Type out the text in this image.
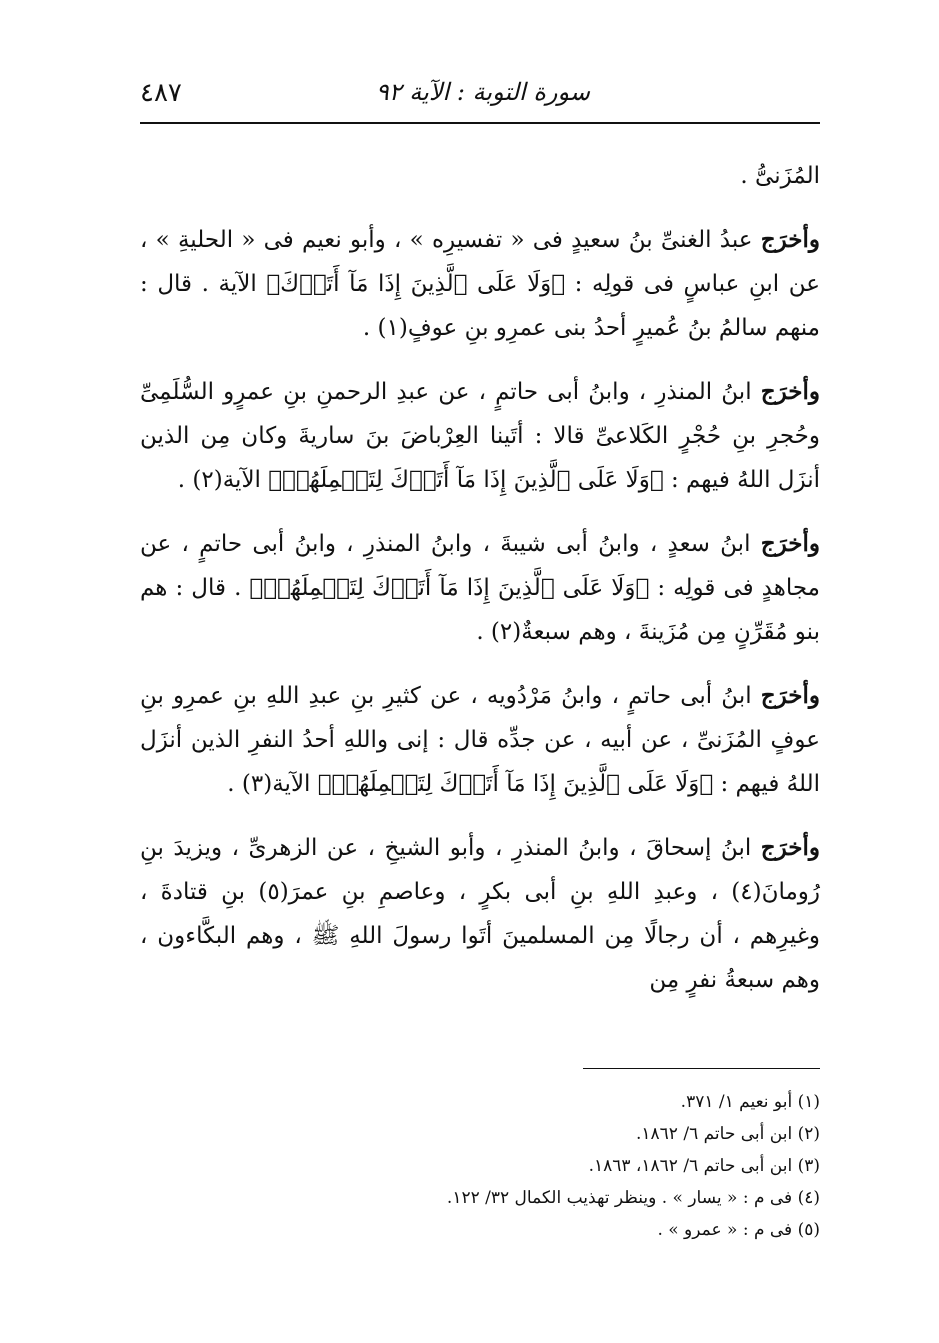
سورة التوبة : الآية ٩٢
٤٨٧

المُزَنىُّ .

وأخرَج عبدُ الغنىِّ بنُ سعيدٍ فى « تفسيرِه » ، وأبو نعيم فى « الحليةِ » ، عن ابنِ عباسٍ فى قولِه : ﴿وَلَا عَلَى ٱلَّذِينَ إِذَا مَآ أَتَوۡكَ﴾ الآية . قال : منهم سالمُ بنُ عُميرٍ أحدُ بنى عمرِو بنِ عوفٍ(١) .

وأخرَج ابنُ المنذرِ ، وابنُ أبى حاتمٍ ، عن عبدِ الرحمنِ بنِ عمرٍو السُّلَمِىِّ وحُجرِ بنِ حُجْرٍ الكَلاعىِّ قالا : أتَينا العِرْباضَ بنَ ساريةَ وكان مِن الذين أنزَل اللهُ فيهم : ﴿وَلَا عَلَى ٱلَّذِينَ إِذَا مَآ أَتَوۡكَ لِتَحۡمِلَهُمۡ﴾ الآية(٢) .

وأخرَج ابنُ سعدٍ ، وابنُ أبى شيبةَ ، وابنُ المنذرِ ، وابنُ أبى حاتمٍ ، عن مجاهدٍ فى قولِه : ﴿وَلَا عَلَى ٱلَّذِينَ إِذَا مَآ أَتَوۡكَ لِتَحۡمِلَهُمۡ﴾ . قال : هم بنو مُقَرِّنٍ مِن مُزَينةَ ، وهم سبعةٌ(٢) .

وأخرَج ابنُ أبى حاتمٍ ، وابنُ مَرْدُويه ، عن كثيرِ بنِ عبدِ اللهِ بنِ عمرِو بنِ عوفٍ المُزَنىِّ ، عن أبيه ، عن جدِّه قال : إنى واللهِ أحدُ النفرِ الذين أنزَل اللهُ فيهم : ﴿وَلَا عَلَى ٱلَّذِينَ إِذَا مَآ أَتَوۡكَ لِتَحۡمِلَهُمۡ﴾ الآية(٣) .

وأخرَج ابنُ إسحاقَ ، وابنُ المنذرِ ، وأبو الشيخِ ، عن الزهرىِّ ، ويزيدَ بنِ رُومانَ(٤) ، وعبدِ اللهِ بنِ أبى بكرٍ ، وعاصمِ بنِ عمرَ(٥) بنِ قتادةَ ، وغيرِهم ، أن رجالًا مِن المسلمينَ أتَوا رسولَ اللهِ ﷺ ، وهم البكَّاءون ، وهم سبعةُ نفرٍ مِن

(١) أبو نعيم ١/ ٣٧١.

(٢) ابن أبى حاتم ٦/ ١٨٦٢.

(٣) ابن أبى حاتم ٦/ ١٨٦٢، ١٨٦٣.

(٤) فى م : « يسار » . وينظر تهذيب الكمال ٣٢/ ١٢٢.

(٥) فى م : « عمرو » .
